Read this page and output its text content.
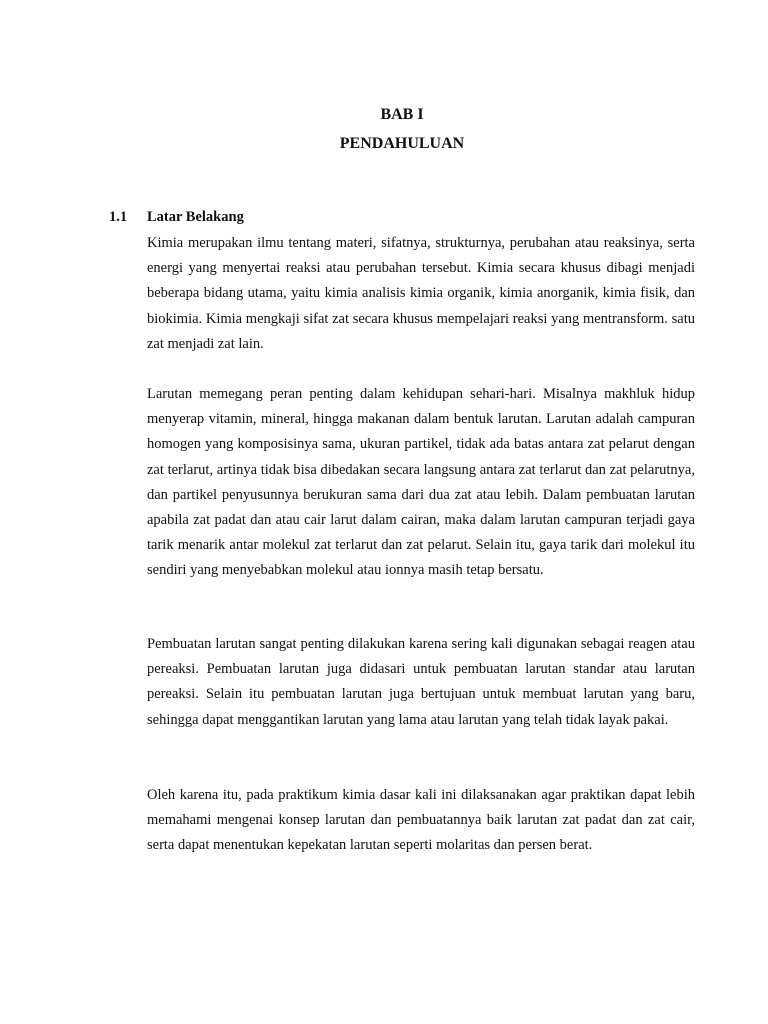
BAB I
PENDAHULUAN
1.1 Latar Belakang

Kimia merupakan ilmu tentang materi, sifatnya, strukturnya, perubahan atau reaksinya, serta energi yang menyertai reaksi atau perubahan tersebut. Kimia secara khusus dibagi menjadi beberapa bidang utama, yaitu kimia analisis kimia organik, kimia anorganik, kimia fisik, dan biokimia. Kimia mengkaji sifat zat secara khusus mempelajari reaksi yang mentransform. satu zat menjadi zat lain.

Larutan memegang peran penting dalam kehidupan sehari-hari. Misalnya makhluk hidup menyerap vitamin, mineral, hingga makanan dalam bentuk larutan. Larutan adalah campuran homogen yang komposisinya sama, ukuran partikel, tidak ada batas antara zat pelarut dengan zat terlarut, artinya tidak bisa dibedakan secara langsung antara zat terlarut dan zat pelarutnya, dan partikel penyusunnya berukuran sama dari dua zat atau lebih. Dalam pembuatan larutan apabila zat padat dan atau cair larut dalam cairan, maka dalam larutan campuran terjadi gaya tarik menarik antar molekul zat terlarut dan zat pelarut. Selain itu, gaya tarik dari molekul itu sendiri yang menyebabkan molekul atau ionnya masih tetap bersatu.

Pembuatan larutan sangat penting dilakukan karena sering kali digunakan sebagai reagen atau pereaksi. Pembuatan larutan juga didasari untuk pembuatan larutan standar atau larutan pereaksi. Selain itu pembuatan larutan juga bertujuan untuk membuat larutan yang baru, sehingga dapat menggantikan larutan yang lama atau larutan yang telah tidak layak pakai.

Oleh karena itu, pada praktikum kimia dasar kali ini dilaksanakan agar praktikan dapat lebih memahami mengenai konsep larutan dan pembuatannya baik larutan zat padat dan zat cair, serta dapat menentukan kepekatan larutan seperti molaritas dan persen berat.
